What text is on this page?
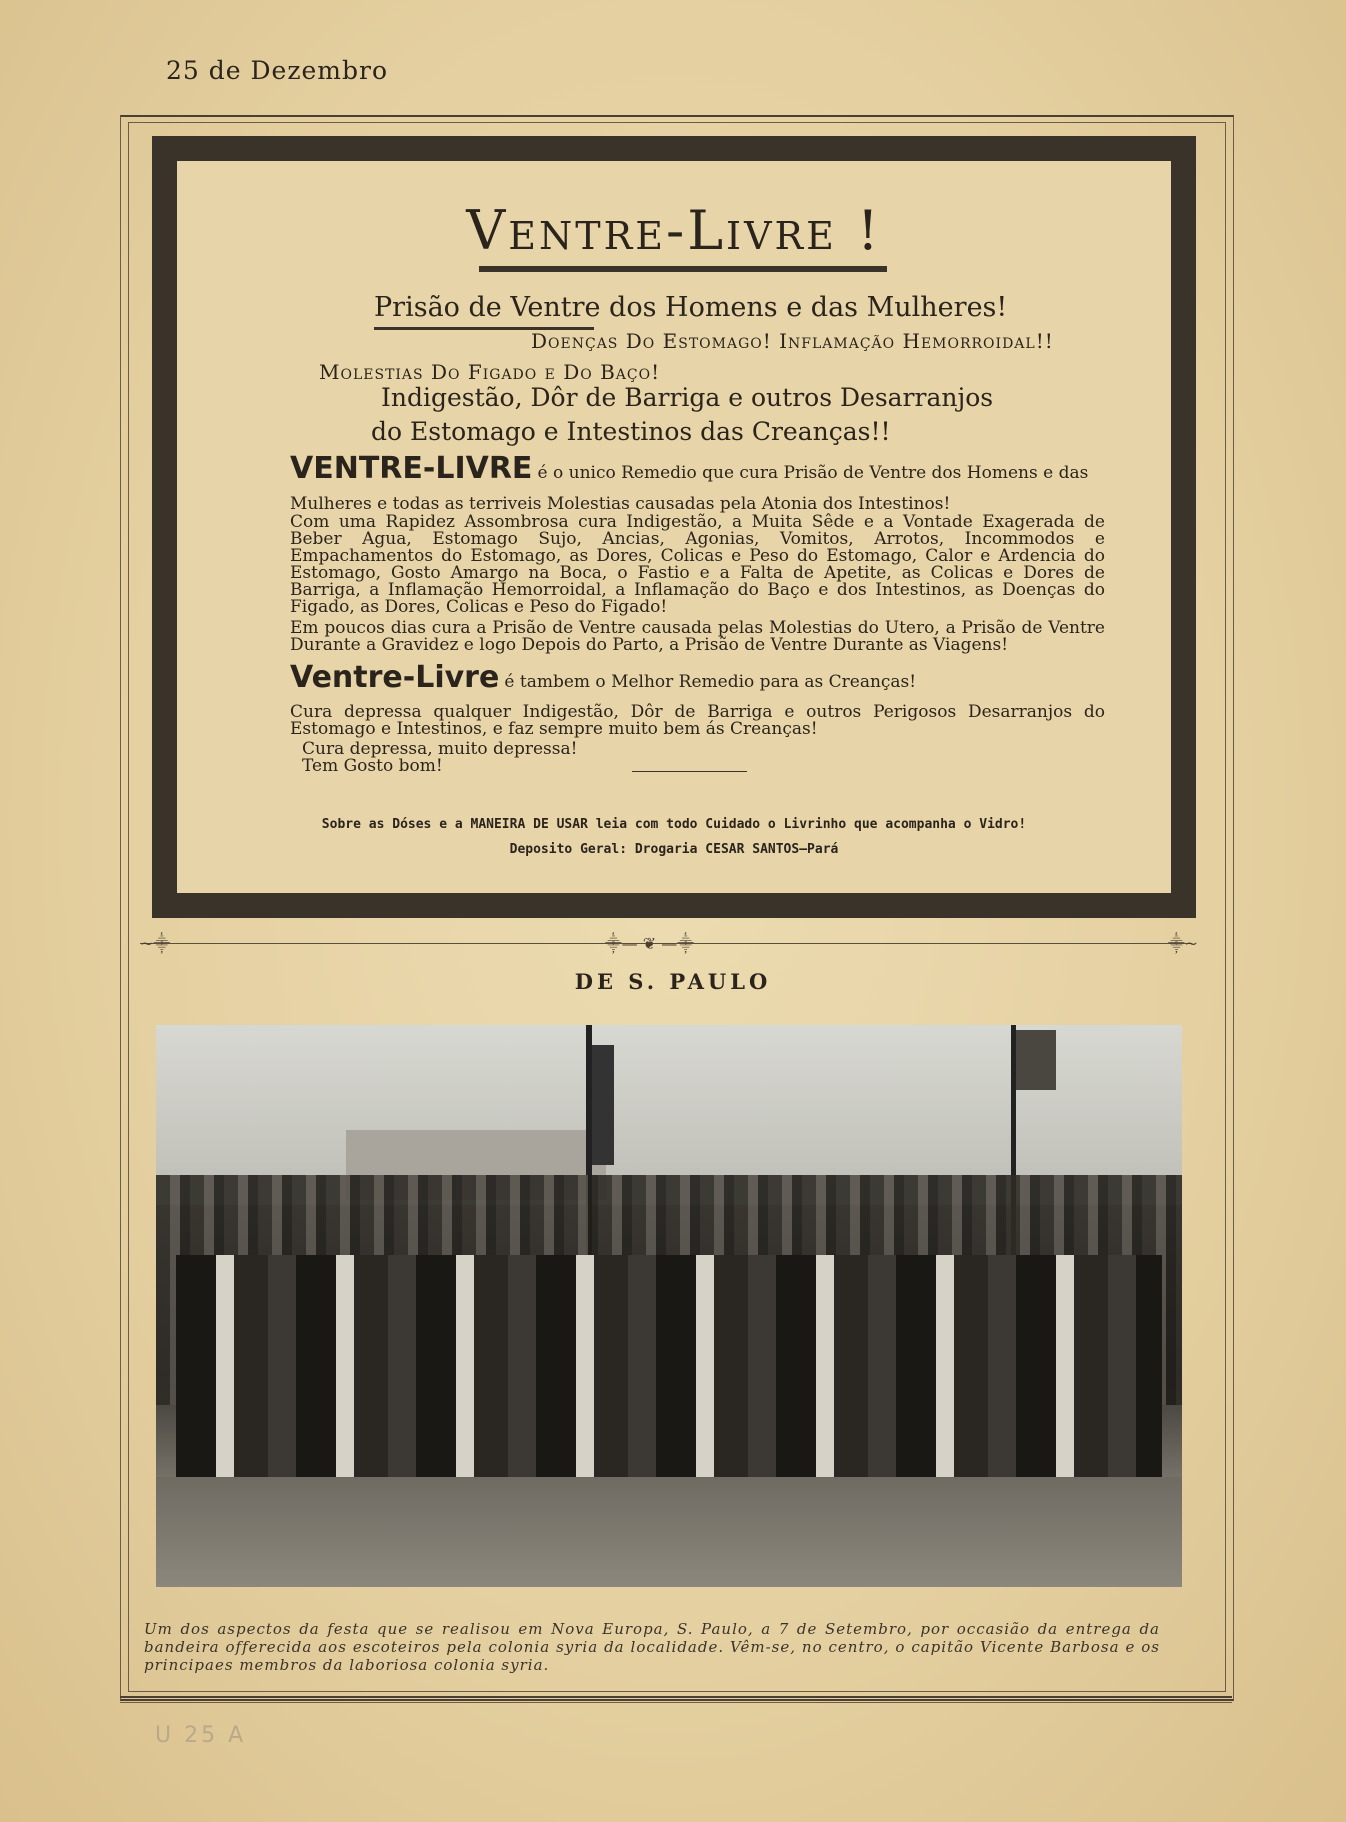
25 de Dezembro
Ventre-Livre !
Prisão de Ventre dos Homens e das Mulheres!
Doenças Do Estomago! Inflamação Hemorroidal!!
Molestias Do Figado e Do Baço!
Indigestão, Dôr de Barriga e outros Desarranjos
do Estomago e Intestinos das Creanças!!
VENTRE-LIVRE é o unico Remedio que cura Prisão de Ventre dos Homens e das
Mulheres e todas as terriveis Molestias causadas pela Atonia dos Intestinos!
Com uma Rapidez Assombrosa cura Indigestão, a Muita Sêde e a Vontade Exagerada de Beber Agua, Estomago Sujo, Ancias, Agonias, Vomitos, Arrotos, Incommodos e Empachamentos do Estomago, as Dores, Colicas e Peso do Estomago, Calor e Ardencia do Estomago, Gosto Amargo na Boca, o Fastio e a Falta de Apetite, as Colicas e Dores de Barriga, a Inflamação Hemorroidal, a Inflamação do Baço e dos Intestinos, as Doenças do Figado, as Dores, Colicas e Peso do Figado!
Em poucos dias cura a Prisão de Ventre causada pelas Molestias do Utero, a Prisão de Ventre Durante a Gravidez e logo Depois do Parto, a Prisão de Ventre Durante as Viagens!
Ventre-Livre é tambem o Melhor Remedio para as Creanças!
Cura depressa qualquer Indigestão, Dôr de Barriga e outros Perigosos Desarranjos do Estomago e Intestinos, e faz sempre muito bem ás Creanças!
Cura depressa, muito depressa!
Tem Gosto bom!
Sobre as Dóses e a MANEIRA DE USAR leia com todo Cuidado o Livrinho que acompanha o Vidro!
Deposito Geral: Drogaria CESAR SANTOS—Pará
~⸎	⸎— ❦ —⸎	⸎~
DE S. PAULO
Um dos aspectos da festa que se realisou em Nova Europa, S. Paulo, a 7 de Setembro, por occasião da entrega da bandeira offerecida aos escoteiros pela colonia syria da localidade. Vêm-se, no centro, o capitão Vicente Barbosa e os principaes membros da laboriosa colonia syria.
U 25 A
